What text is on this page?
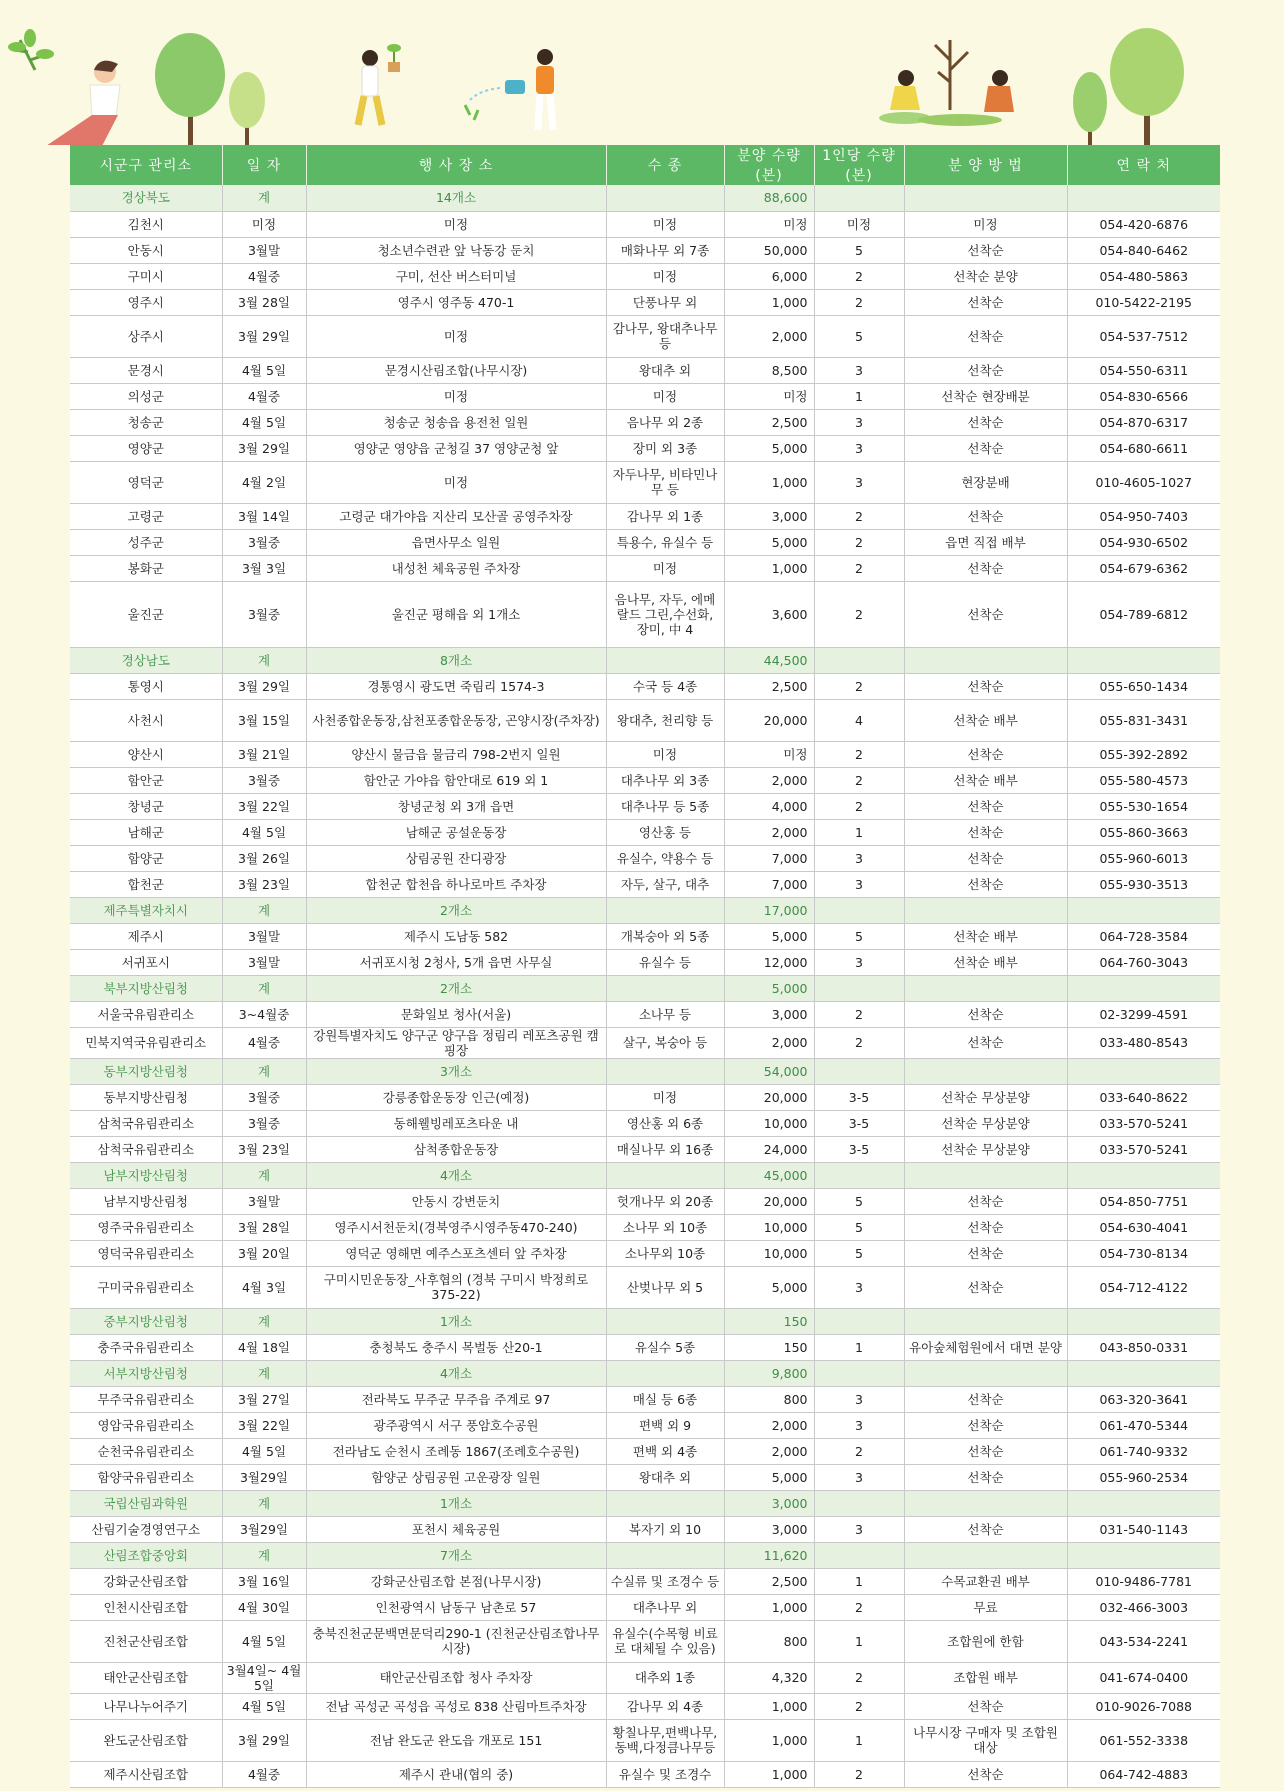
시군구 관리소	일 자	행 사 장 소	수 종	분양 수량(본)	1인당 수량(본)	분 양 방 법	연 락 처
경상북도	계	14개소		88,600			
김천시	미정	미정	미정	미정	미정	미정	054-420-6876
안동시	3월말	청소년수련관 앞 낙동강 둔치	매화나무 외 7종	50,000	5	선착순	054-840-6462
구미시	4월중	구미, 선산 버스터미널	미정	6,000	2	선착순 분양	054-480-5863
영주시	3월 28일	영주시 영주동 470-1	단풍나무 외	1,000	2	선착순	010-5422-2195
상주시	3월 29일	미정	감나무, 왕대추나무 등	2,000	5	선착순	054-537-7512
문경시	4월 5일	문경시산림조합(나무시장)	왕대추 외	8,500	3	선착순	054-550-6311
의성군	4월중	미정	미정	미정	1	선착순 현장배분	054-830-6566
청송군	4월 5일	청송군 청송읍 용전천 일원	음나무 외 2종	2,500	3	선착순	054-870-6317
영양군	3월 29일	영양군 영양읍 군청길 37 영양군청 앞	장미 외 3종	5,000	3	선착순	054-680-6611
영덕군	4월 2일	미정	자두나무, 비타민나무 등	1,000	3	현장분배	010-4605-1027
고령군	3월 14일	고령군 대가야읍 지산리 모산골 공영주차장	감나무 외 1종	3,000	2	선착순	054-950-7403
성주군	3월중	읍면사무소 일원	특용수, 유실수 등	5,000	2	읍면 직접 배부	054-930-6502
봉화군	3월 3일	내성천 체육공원 주차장	미정	1,000	2	선착순	054-679-6362
울진군	3월중	울진군 평해읍 외 1개소	음나무, 자두, 에메랄드 그린,수선화, 장미, 中 4	3,600	2	선착순	054-789-6812
경상남도	계	8개소		44,500			
통영시	3월 29일	경통영시 광도면 죽림리 1574-3	수국 등 4종	2,500	2	선착순	055-650-1434
사천시	3월 15일	사천종합운동장,삼천포종합운동장, 곤양시장(주차장)	왕대추, 천리향 등	20,000	4	선착순 배부	055-831-3431
양산시	3월 21일	양산시 물금읍 물금리 798-2번지 일원	미정	미정	2	선착순	055-392-2892
함안군	3월중	함안군 가야읍 함안대로 619 외 1	대추나무 외 3종	2,000	2	선착순 배부	055-580-4573
창녕군	3월 22일	창녕군청 외 3개 읍면	대추나무 등 5종	4,000	2	선착순	055-530-1654
남해군	4월 5일	남해군 공설운동장	영산홍 등	2,000	1	선착순	055-860-3663
함양군	3월 26일	상림공원 잔디광장	유실수, 약용수 등	7,000	3	선착순	055-960-6013
합천군	3월 23일	합천군 합천읍 하나로마트 주차장	자두, 살구, 대추	7,000	3	선착순	055-930-3513
제주특별자치시	계	2개소		17,000			
제주시	3월말	제주시 도남동 582	개복숭아 외 5종	5,000	5	선착순 배부	064-728-3584
서귀포시	3월말	서귀포시청 2청사, 5개 읍면 사무실	유실수 등	12,000	3	선착순 배부	064-760-3043
북부지방산림청	계	2개소		5,000			
서울국유림관리소	3~4월중	문화일보 청사(서울)	소나무 등	3,000	2	선착순	02-3299-4591
민북지역국유림관리소	4월중	강원특별자치도 양구군 양구읍 정림리 레포츠공원 캠핑장	살구, 복숭아 등	2,000	2	선착순	033-480-8543
동부지방산림청	계	3개소		54,000			
동부지방산림청	3월중	강릉종합운동장 인근(예정)	미정	20,000	3-5	선착순 무상분양	033-640-8622
삼척국유림관리소	3월중	동해웰빙레포츠타운 내	영산홍 외 6종	10,000	3-5	선착순 무상분양	033-570-5241
삼척국유림관리소	3월 23일	삼척종합운동장	매실나무 외 16종	24,000	3-5	선착순 무상분양	033-570-5241
남부지방산림청	계	4개소		45,000			
남부지방산림청	3월말	안동시 강변둔치	헛개나무 외 20종	20,000	5	선착순	054-850-7751
영주국유림관리소	3월 28일	영주시서천둔치(경북영주시영주동470-240)	소나무 외 10종	10,000	5	선착순	054-630-4041
영덕국유림관리소	3월 20일	영덕군 영해면 예주스포츠센터 앞 주차장	소나무외 10종	10,000	5	선착순	054-730-8134
구미국유림관리소	4월 3일	구미시민운동장_사후협의 (경북 구미시 박정희로 375-22)	산벚나무 외 5	5,000	3	선착순	054-712-4122
중부지방산림청	계	1개소		150			
충주국유림관리소	4월 18일	충청북도 충주시 목벌동 산20-1	유실수 5종	150	1	유아숲체험원에서 대면 분양	043-850-0331
서부지방산림청	계	4개소		9,800			
무주국유림관리소	3월 27일	전라북도 무주군 무주읍 주계로 97	매실 등 6종	800	3	선착순	063-320-3641
영암국유림관리소	3월 22일	광주광역시 서구 풍암호수공원	편백 외 9	2,000	3	선착순	061-470-5344
순천국유림관리소	4월 5일	전라남도 순천시 조례동 1867(조례호수공원)	편백 외 4종	2,000	2	선착순	061-740-9332
함양국유림관리소	3월29일	함양군 상림공원 고운광장 일원	왕대추 외	5,000	3	선착순	055-960-2534
국립산림과학원	계	1개소		3,000			
산림기술경영연구소	3월29일	포천시 체육공원	복자기 외 10	3,000	3	선착순	031-540-1143
산림조합중앙회	계	7개소		11,620			
강화군산림조합	3월 16일	강화군산림조합 본점(나무시장)	수실류 및 조경수 등	2,500	1	수목교환권 배부	010-9486-7781
인천시산림조합	4월 30일	인천광역시 남동구 남촌로 57	대추나무 외	1,000	2	무료	032-466-3003
진천군산림조합	4월 5일	충북진천군문백면문덕리290-1 (진천군산림조합나무시장)	유실수(수목형 비료로 대체될 수 있음)	800	1	조합원에 한함	043-534-2241
태안군산림조합	3월4일~ 4월5일	태안군산림조합 청사 주차장	대추외 1종	4,320	2	조합원 배부	041-674-0400
나무나누어주기	4월 5일	전남 곡성군 곡성읍 곡성로 838 산림마트주차장	감나무 외 4종	1,000	2	선착순	010-9026-7088
완도군산림조합	3월 29일	전남 완도군 완도읍 개포로 151	황칠나무,편백나무, 동백,다정큼나무등	1,000	1	나무시장 구매자 및 조합원 대상	061-552-3338
제주시산림조합	4월중	제주시 관내(협의 중)	유실수 및 조경수	1,000	2	선착순	064-742-4883
